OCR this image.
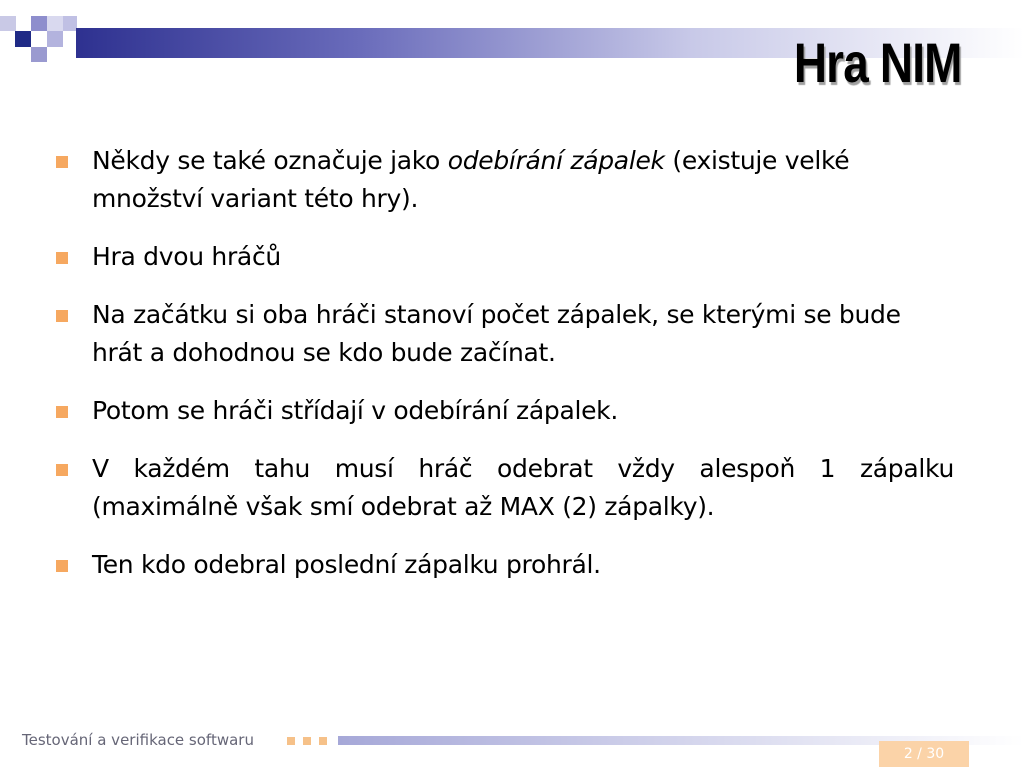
Hra NIM
Někdy se také označuje jako odebírání zápalek (existuje velké množství variant této hry).
Hra dvou hráčů
Na začátku si oba hráči stanoví počet zápalek, se kterými se bude hrát a dohodnou se kdo bude začínat.
Potom se hráči střídají v odebírání zápalek.
V každém tahu musí hráč odebrat vždy alespoň 1 zápalku (maximálně však smí odebrat až MAX (2) zápalky).
Ten kdo odebral poslední zápalku prohrál.
Testování a verifikace softwaru
2 / 30
